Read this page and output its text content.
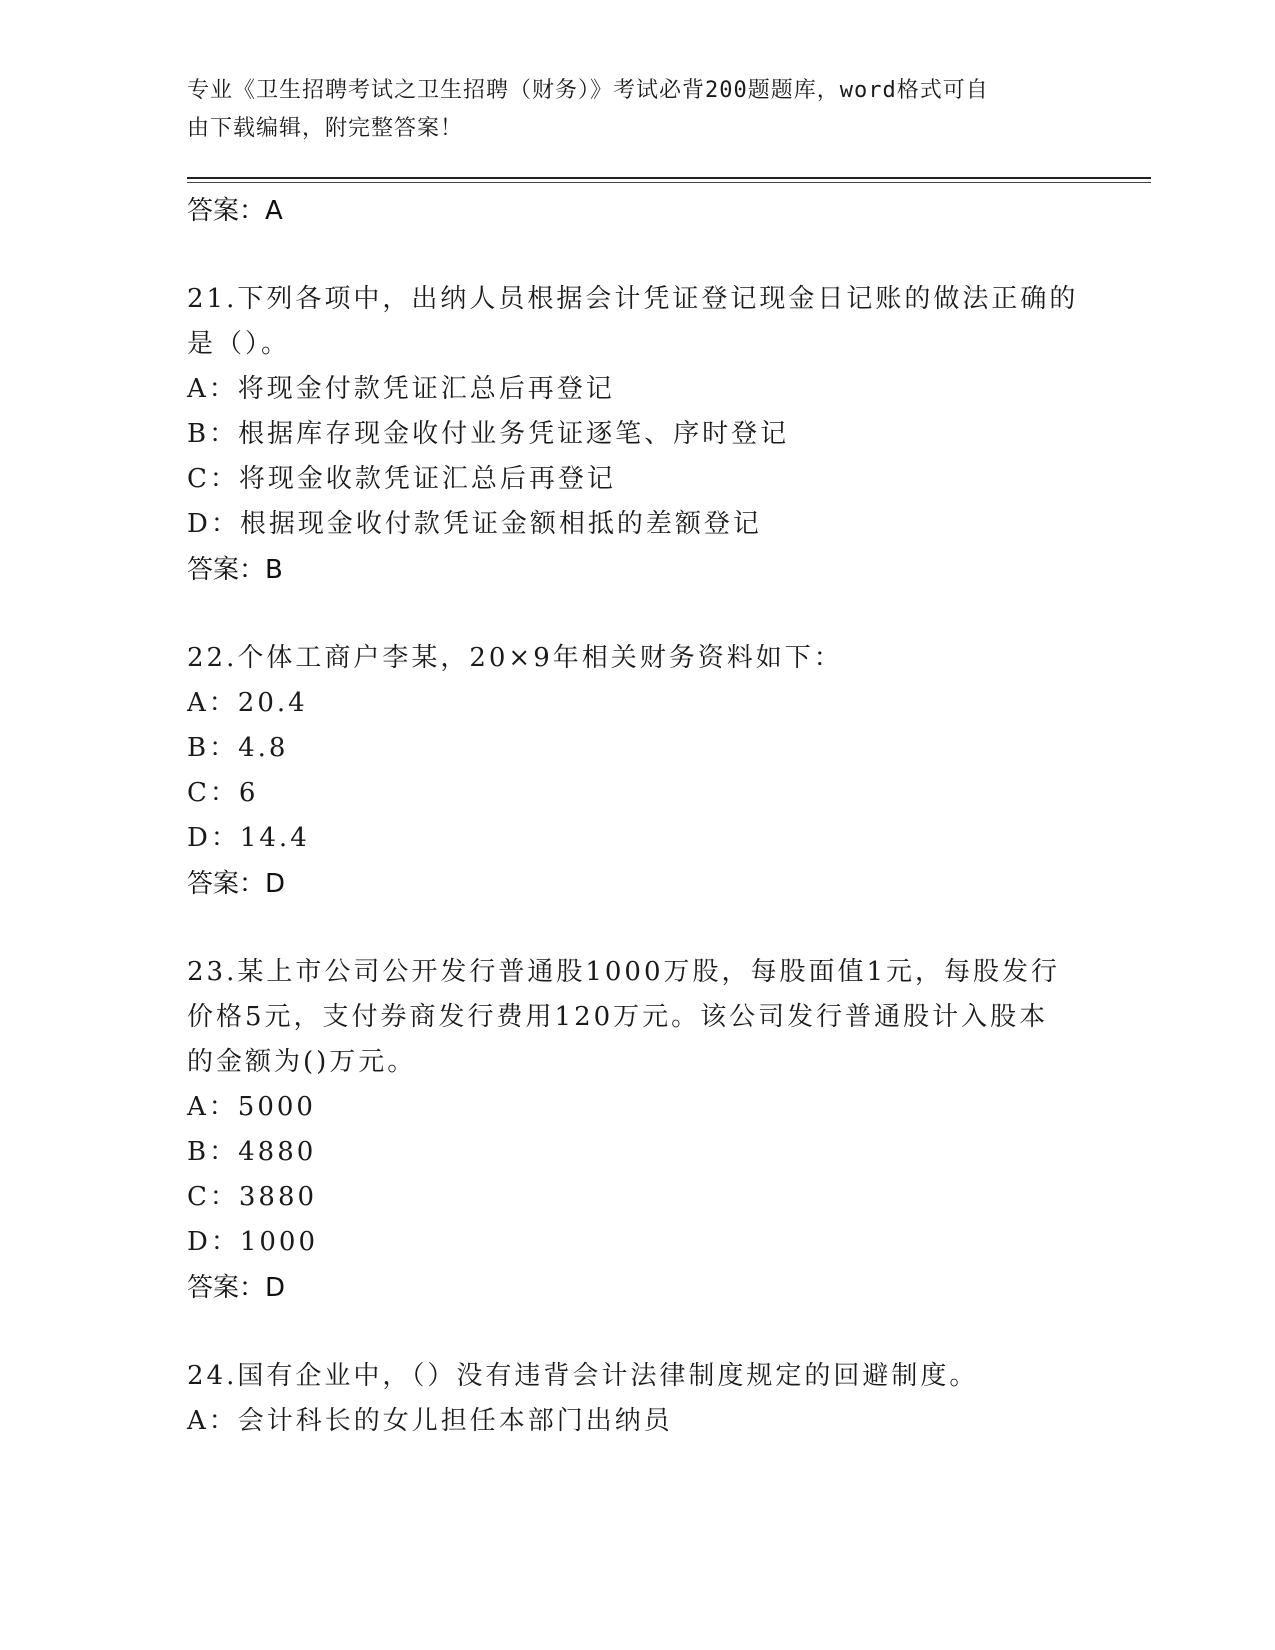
专业《卫生招聘考试之卫生招聘（财务）》考试必背200题题库，word格式可自
由下载编辑，附完整答案！
答案：A
21.下列各项中，出纳人员根据会计凭证登记现金日记账的做法正确的
是（）。
A：将现金付款凭证汇总后再登记
B：根据库存现金收付业务凭证逐笔、序时登记
C：将现金收款凭证汇总后再登记
D：根据现金收付款凭证金额相抵的差额登记
答案：B
22.个体工商户李某，20×9年相关财务资料如下：
A：20.4
B：4.8
C：6
D：14.4
答案：D
23.某上市公司公开发行普通股1000万股，每股面值1元，每股发行
价格5元，支付券商发行费用120万元。该公司发行普通股计入股本
的金额为()万元。
A：5000
B：4880
C：3880
D：1000
答案：D
24.国有企业中，（）没有违背会计法律制度规定的回避制度。
A：会计科长的女儿担任本部门出纳员
